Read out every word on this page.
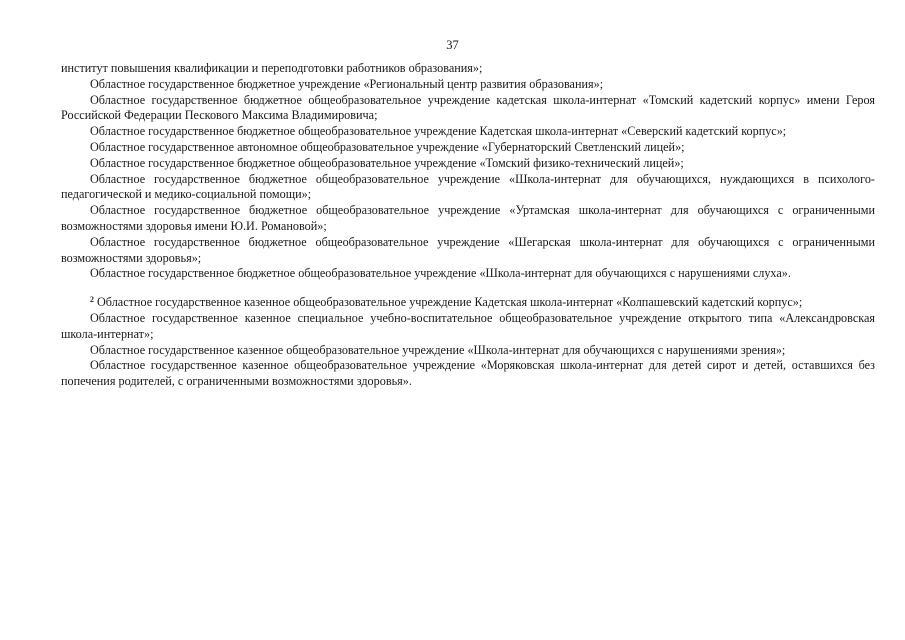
37

институт повышения квалификации и переподготовки работников образования»;

Областное государственное бюджетное учреждение «Региональный центр развития образования»;

Областное государственное бюджетное общеобразовательное учреждение кадетская школа-интернат «Томский кадетский корпус» имени Героя Российской Федерации Пескового Максима Владимировича;

Областное государственное бюджетное общеобразовательное учреждение Кадетская школа-интернат «Северский кадетский корпус»;

Областное государственное автономное общеобразовательное учреждение «Губернаторский Светленский лицей»;

Областное государственное бюджетное общеобразовательное учреждение «Томский физико-технический лицей»;

Областное государственное бюджетное общеобразовательное учреждение «Школа-интернат для обучающихся, нуждающихся в психолого-педагогической и медико-социальной помощи»;

Областное государственное бюджетное общеобразовательное учреждение «Уртамская школа-интернат для обучающихся с ограниченными возможностями здоровья имени Ю.И. Романовой»;

Областное государственное бюджетное общеобразовательное учреждение «Шегарская школа-интернат для обучающихся с ограниченными возможностями здоровья»;

Областное государственное бюджетное общеобразовательное учреждение «Школа-интернат для обучающихся с нарушениями слуха».

$^2$ Областное государственное казенное общеобразовательное учреждение Кадетская школа-интернат «Колпашевский кадетский корпус»;

Областное государственное казенное специальное учебно-воспитательное общеобразовательное учреждение открытого типа «Александровская школа-интернат»;

Областное государственное казенное общеобразовательное учреждение «Школа-интернат для обучающихся с нарушениями зрения»;

Областное государственное казенное общеобразовательное учреждение «Моряковская школа-интернат для детей сирот и детей, оставшихся без попечения родителей, с ограниченными возможностями здоровья».
